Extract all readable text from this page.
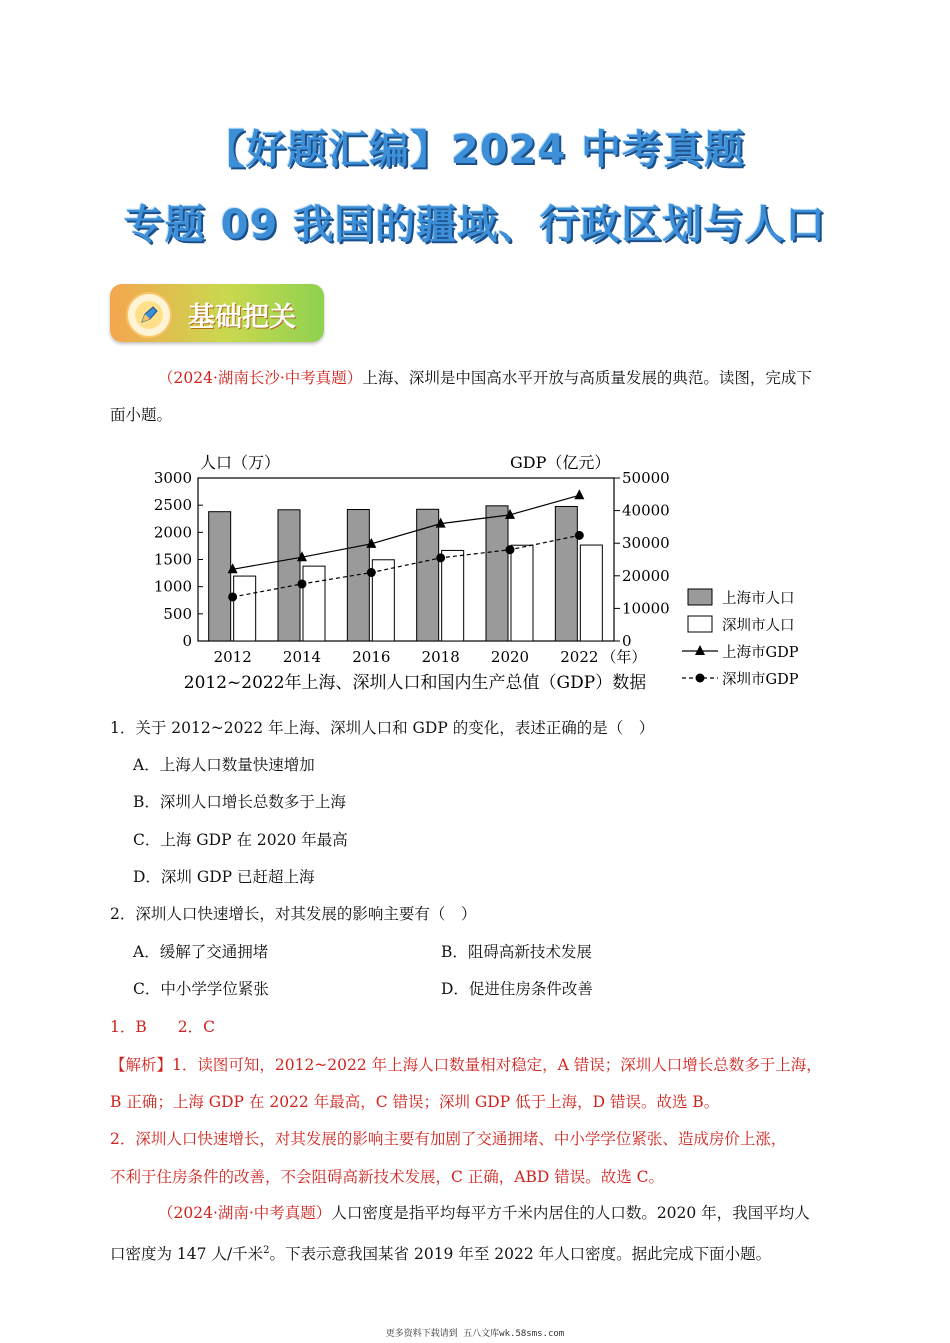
【好题汇编】2024 中考真题
专题 09 我国的疆域、行政区划与人口
基础把关
（2024·湖南长沙·中考真题）上海、深圳是中国高水平开放与高质量发展的典范。读图，完成下
面小题。
人口（万）	GDP（亿元）
3000
2500
2000
1500
1000
500
0
50000
40000
30000
20000
10000
0
2012 2014 2016 2018 2020 2022 （年）
2012~2022年上海、深圳人口和国内生产总值（GDP）数据
上海市人口
深圳市人口
上海市GDP
深圳市GDP
1．关于 2012~2022 年上海、深圳人口和 GDP 的变化，表述正确的是（　）
A．上海人口数量快速增加
B．深圳人口增长总数多于上海
C．上海 GDP 在 2020 年最高
D．深圳 GDP 已赶超上海
2．深圳人口快速增长，对其发展的影响主要有（　）
A．缓解了交通拥堵	B．阻碍高新技术发展
C．中小学学位紧张	D．促进住房条件改善
1．B　　2．C
【解析】1．读图可知，2012~2022 年上海人口数量相对稳定，A 错误；深圳人口增长总数多于上海，
B 正确；上海 GDP 在 2022 年最高，C 错误；深圳 GDP 低于上海，D 错误。故选 B。
2．深圳人口快速增长，对其发展的影响主要有加剧了交通拥堵、中小学学位紧张、造成房价上涨，
不利于住房条件的改善，不会阻碍高新技术发展，C 正确，ABD 错误。故选 C。
（2024·湖南·中考真题）人口密度是指平均每平方千米内居住的人口数。2020 年，我国平均人
口密度为 147 人/千米$^2$。下表示意我国某省 2019 年至 2022 年人口密度。据此完成下面小题。
更多资料下载请到 五八文库wk.58sms.com
